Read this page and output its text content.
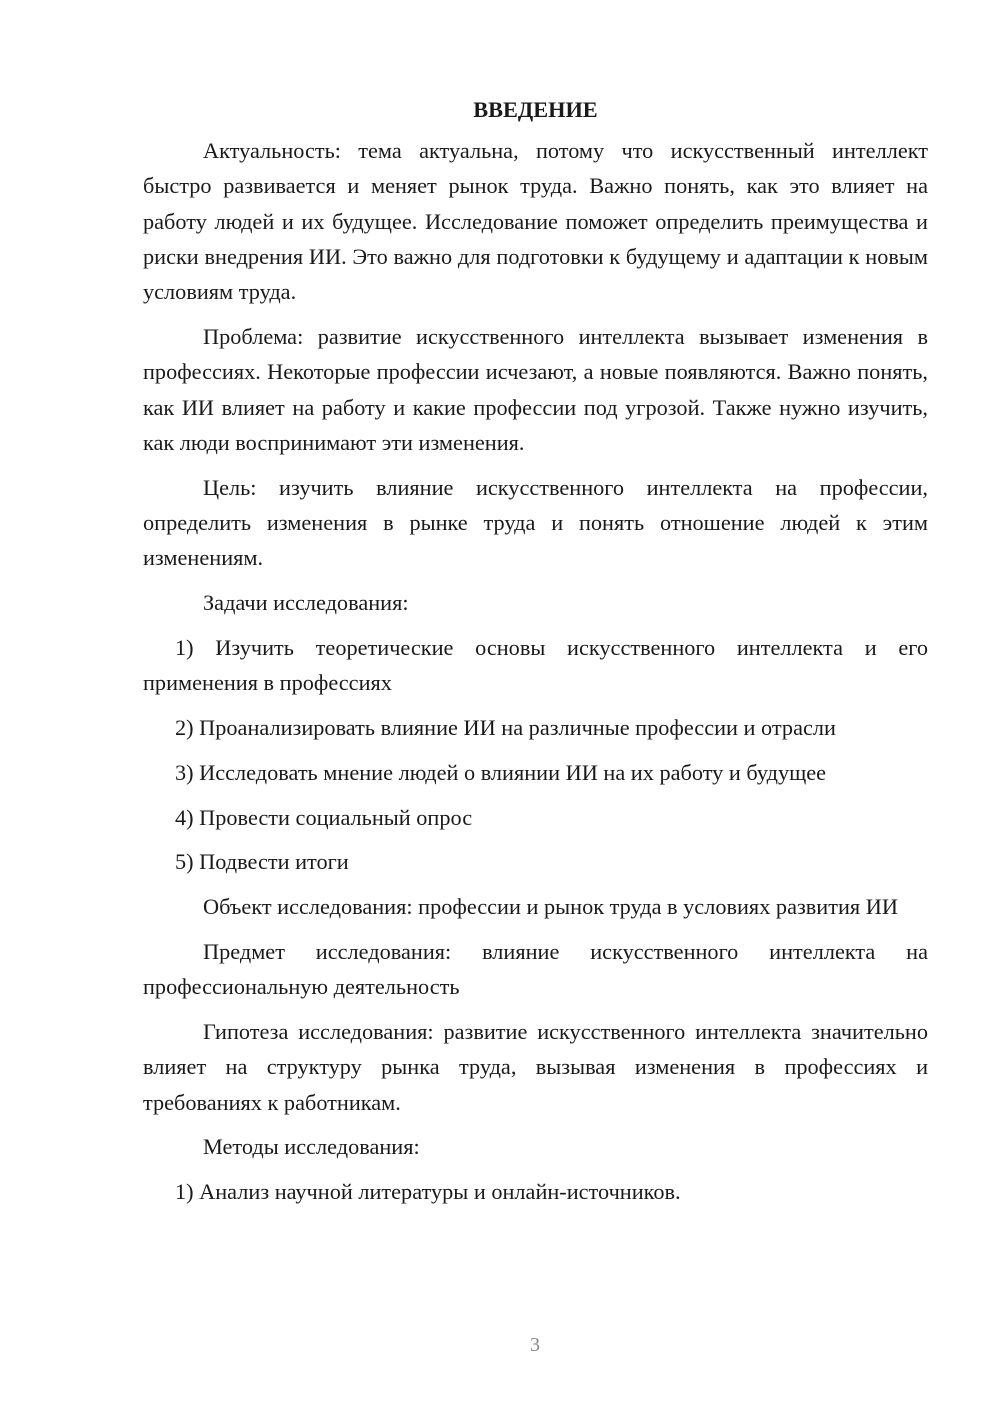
ВВЕДЕНИЕ

Актуальность: тема актуальна, потому что искусственный интеллект быстро развивается и меняет рынок труда. Важно понять, как это влияет на работу людей и их будущее. Исследование поможет определить преимущества и риски внедрения ИИ. Это важно для подготовки к будущему и адаптации к новым условиям труда.

Проблема: развитие искусственного интеллекта вызывает изменения в профессиях. Некоторые профессии исчезают, а новые появляются. Важно понять, как ИИ влияет на работу и какие профессии под угрозой. Также нужно изучить, как люди воспринимают эти изменения.

Цель: изучить влияние искусственного интеллекта на профессии, определить изменения в рынке труда и понять отношение людей к этим изменениям.

Задачи исследования:

1) Изучить теоретические основы искусственного интеллекта и его применения в профессиях

2) Проанализировать влияние ИИ на различные профессии и отрасли

3) Исследовать мнение людей о влиянии ИИ на их работу и будущее

4) Провести социальный опрос

5) Подвести итоги

Объект исследования: профессии и рынок труда в условиях развития ИИ

Предмет исследования: влияние искусственного интеллекта на профессиональную деятельность

Гипотеза исследования: развитие искусственного интеллекта значительно влияет на структуру рынка труда, вызывая изменения в профессиях и требованиях к работникам.

Методы исследования:

1) Анализ научной литературы и онлайн-источников.

3
